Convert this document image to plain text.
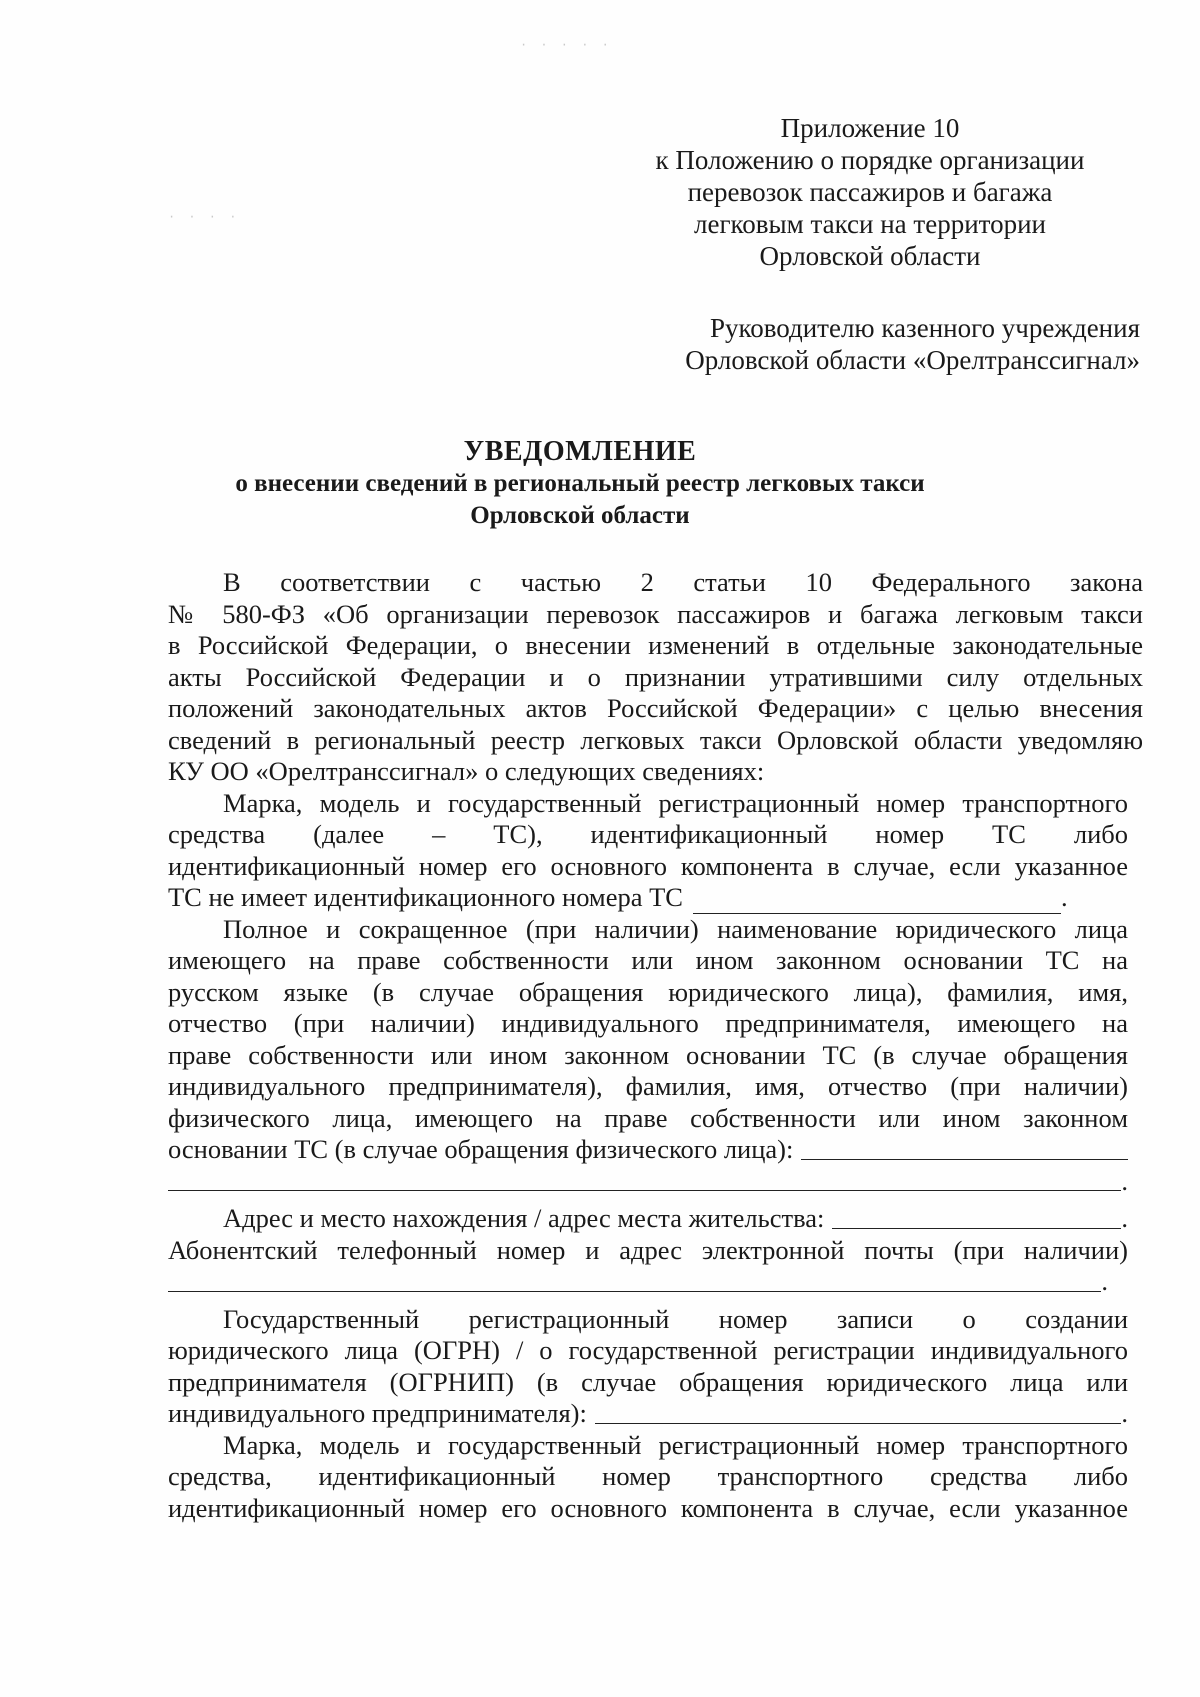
· · · · ·
· · · ·
Приложение 10
к Положению о порядке организации
перевозок пассажиров и багажа
легковым такси на территории
Орловской области
Руководителю казенного учреждения
Орловской области «Орелтранссигнал»
УВЕДОМЛЕНИЕ
о внесении сведений в региональный реестр легковых такси
Орловской области
В соответствии с частью 2 статьи 10 Федерального закона
№ 580-ФЗ «Об организации перевозок пассажиров и багажа легковым такси
в Российской Федерации, о внесении изменений в отдельные законодательные
акты Российской Федерации и о признании утратившими силу отдельных
положений законодательных актов Российской Федерации» с целью внесения
сведений в региональный реестр легковых такси Орловской области уведомляю
КУ ОО «Орелтранссигнал» о следующих сведениях:
Марка, модель и государственный регистрационный номер транспортного
средства (далее – ТС), идентификационный номер ТС либо
идентификационный номер его основного компонента в случае, если указанное
ТС не имеет идентификационного номера ТС	.
Полное и сокращенное (при наличии) наименование юридического лица
имеющего на праве собственности или ином законном основании ТС на
русском языке (в случае обращения юридического лица), фамилия, имя,
отчество (при наличии) индивидуального предпринимателя, имеющего на
праве собственности или ином законном основании ТС (в случае обращения
индивидуального предпринимателя), фамилия, имя, отчество (при наличии)
физического лица, имеющего на праве собственности или ином законном
основании ТС (в случае обращения физического лица):
.
Адрес и место нахождения / адрес места жительства:	.
Абонентский телефонный номер и адрес электронной почты (при наличии)
.
Государственный регистрационный номер записи о создании
юридического лица (ОГРН) / о государственной регистрации индивидуального
предпринимателя (ОГРНИП) (в случае обращения юридического лица или
индивидуального предпринимателя):	.
Марка, модель и государственный регистрационный номер транспортного
средства, идентификационный номер транспортного средства либо
идентификационный номер его основного компонента в случае, если указанное
